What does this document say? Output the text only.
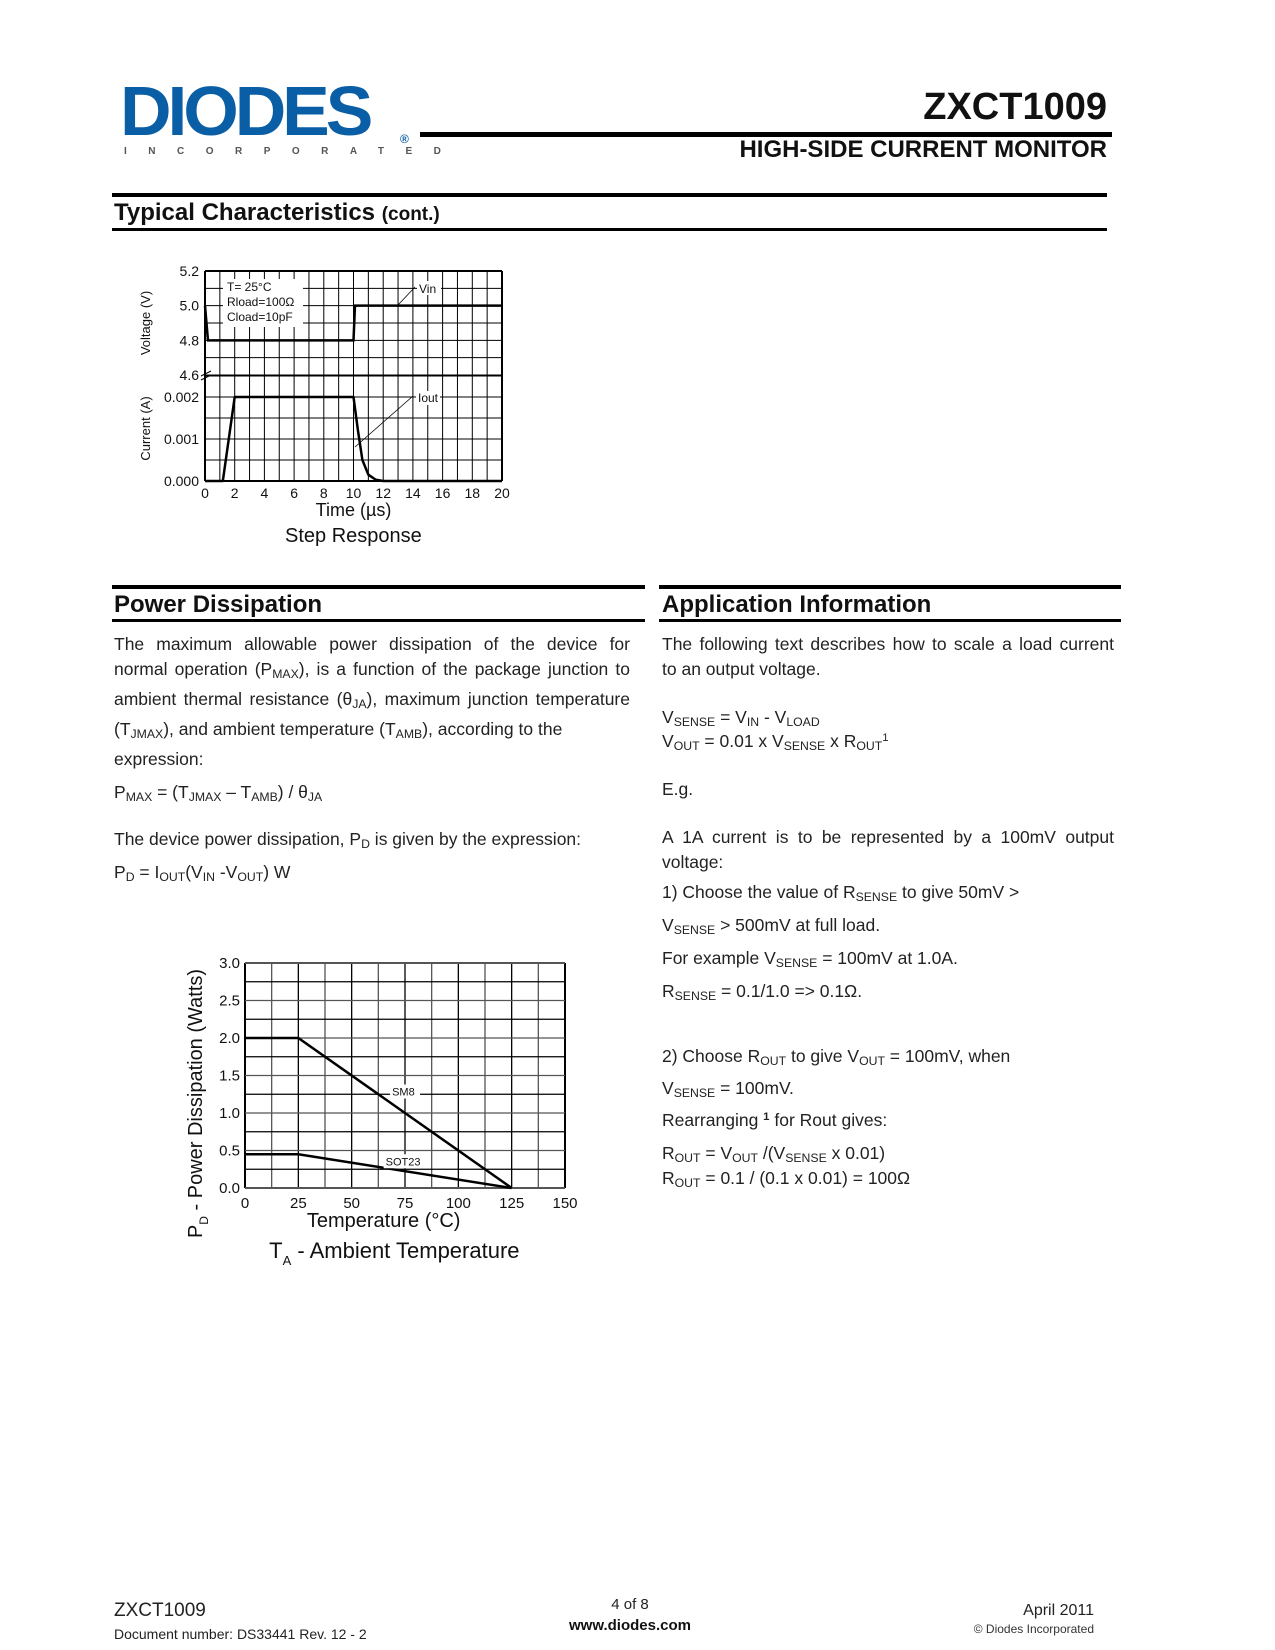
DIODES	®
INCORPORATED
ZXCT1009
HIGH-SIDE CURRENT MONITOR
Typical Characteristics (cont.)
T= 25°C
Rload=100Ω
Cload=10pF
Vin
Iout
5.2
5.0
4.8
4.6
0.002
0.001
0.000
0 2 4 6 8 10 12 14 16 18 20
Time (µs)
Voltage (V)
Current (A)
Step Response
Power Dissipation
The maximum allowable power dissipation of the device for
normal operation $(P_{MAX})$, is a function of the package junction to
ambient thermal resistance $(\theta_{JA})$, maximum junction temperature
$(T_{JMAX})$, and ambient temperature $(T_{AMB})$, according to the
expression:
$P_{MAX} = (T_{JMAX} - T_{AMB}) / \theta_{JA}$
The device power dissipation, $P_D$ is given by the expression:
$P_D = I_{OUT}(V_{IN}$ $-V_{OUT}$) W
SM8
SOT23
3.0
2.5
2.0
1.5
1.0
0.5
0.0
0	25 50 75 100 125 150
Temperature (°C)
$P_D$ - Power Dissipation (Watts)
$T_A$ - Ambient Temperature
Application Information
The following text describes how to scale a load current
to an output voltage.
$V_{SENSE} = V_{IN} - V_{LOAD}$
$V_{OUT} = 0.01$ x $V_{SENSE}$ x $R_{OUT}^1$
E.g.
A 1A current is to be represented by a 100mV output
voltage:
1) Choose the value of $R_{SENSE}$ to give 50mV >
$V_{SENSE} > 500mV$ at full load.
For example $V_{SENSE} = 100mV$ at 1.0A.
$R_{SENSE} = 0.1/1.0 => 0.1\Omega$.
2) Choose $R_{OUT}$ to give $V_{OUT} = 100mV$, when
$V_{SENSE} = 100mV$.
Rearranging $^1$ for Rout gives:
$R_{OUT} = V_{OUT}$ $/(V_{SENSE}$ x 0.01)
$R_{OUT} = 0.1 / (0.1$ x 0.01) = 100Ω
ZXCT1009
Document number: DS33441 Rev. 12 - 2
4 of 8
www.diodes.com
April 2011
© Diodes Incorporated
